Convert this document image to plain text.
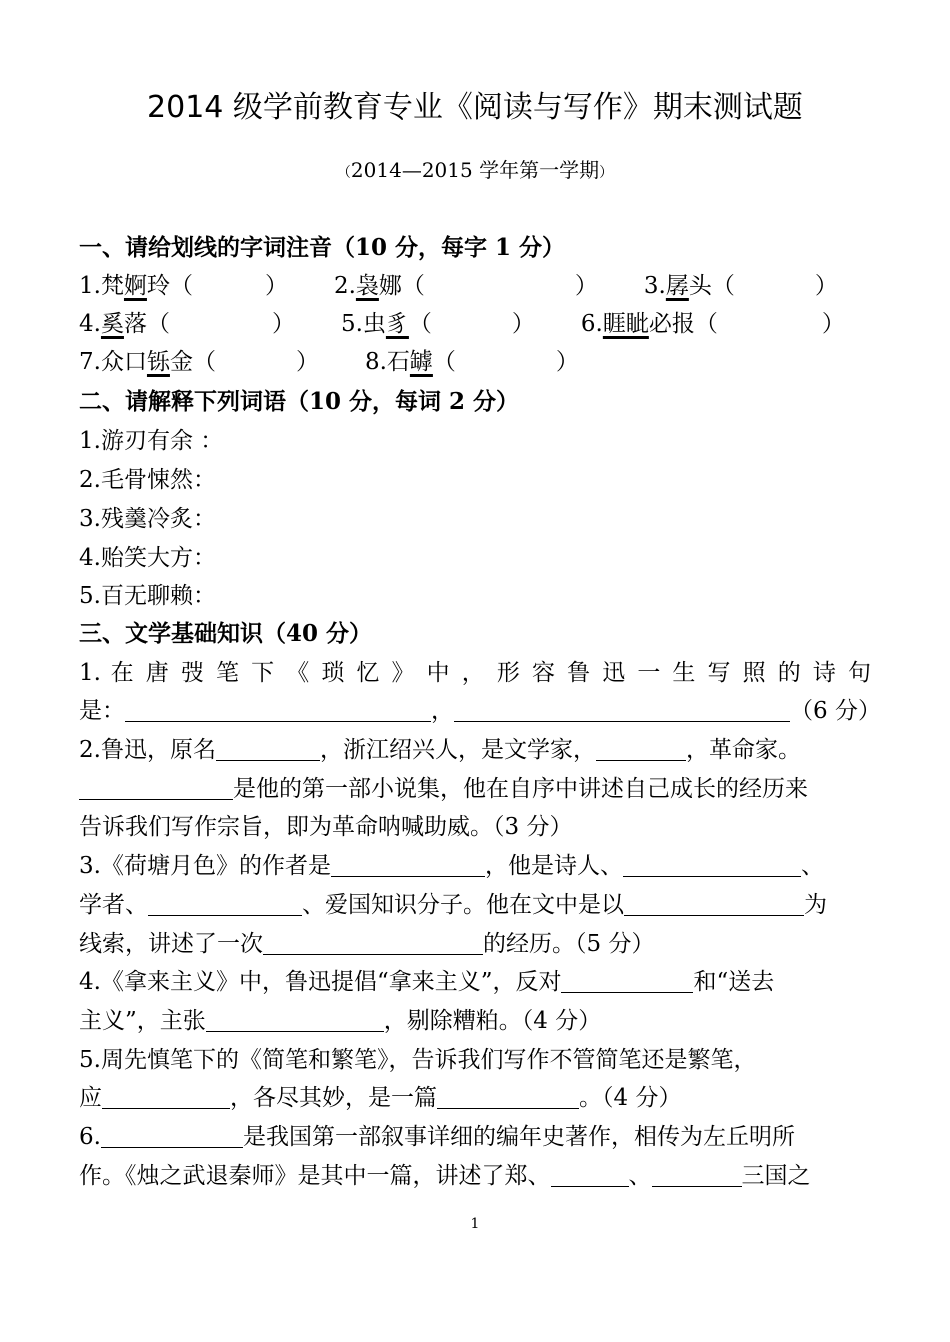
2014 级学前教育专业《阅读与写作》期末测试题
（2014—2015 学年第一学期）
一、请给划线的字词注音（10 分，每字 1 分）
1.梵婀玲（	） 2.袅娜（	） 3.孱头（	）
4.奚落（	） 5.虫豸（	） 6.睚眦必报（	）
7.众口铄金（	） 8.石罅（	）
二、请解释下列词语（10 分，每词 2 分）
1.游刃有余 ：
2.毛骨悚然：
3.残羹冷炙：
4.贻笑大方：
5.百无聊赖：
三、文学基础知识（40 分）
1. 在 唐 弢 笔 下 《 琐 忆 》 中 ， 形 容 鲁 迅 一 生 写 照 的 诗 句
是：	，	（6 分）
2.鲁迅，原名	，浙江绍兴人，是文学家，	，革命家。
是他的第一部小说集，他在自序中讲述自己成长的经历来
告诉我们写作宗旨，即为革命呐喊助威。（3 分）
3.《荷塘月色》的作者是	，他是诗人、	、
学者、	、爱国知识分子。他在文中是以	为
线索，讲述了一次	的经历。（5 分）
4.《拿来主义》中，鲁迅提倡“拿来主义”，反对	和“送去
主义”，主张	，剔除糟粕。（4 分）
5.周先慎笔下的《简笔和繁笔》，告诉我们写作不管简笔还是繁笔，
应	，各尽其妙，是一篇	。（4 分）
6.	是我国第一部叙事详细的编年史著作，相传为左丘明所
作。《烛之武退秦师》是其中一篇，讲述了郑、	、	三国之
1
